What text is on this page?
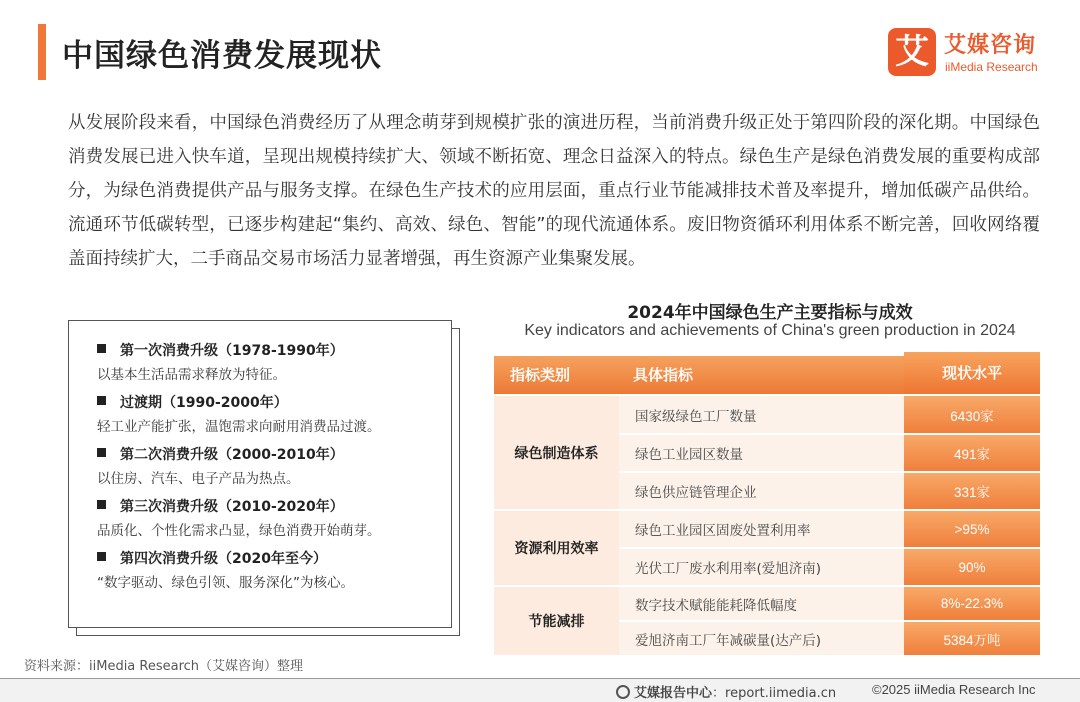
中国绿色消费发展现状	艾 艾媒咨询
iiMedia Research

从发展阶段来看，中国绿色消费经历了从理念萌芽到规模扩张的演进历程，当前消费升级正处于第四阶段的深化期。中国绿色消费发展已进入快车道，呈现出规模持续扩大、领域不断拓宽、理念日益深入的特点。绿色生产是绿色消费发展的重要构成部分，为绿色消费提供产品与服务支撑。在绿色生产技术的应用层面，重点行业节能减排技术普及率提升，增加低碳产品供给。流通环节低碳转型，已逐步构建起“集约、高效、绿色、智能”的现代流通体系。废旧物资循环利用体系不断完善，回收网络覆盖面持续扩大，二手商品交易市场活力显著增强，再生资源产业集聚发展。

第一次消费升级（1978-1990年）
以基本生活品需求释放为特征。
过渡期（1990-2000年）
轻工业产能扩张，温饱需求向耐用消费品过渡。
第二次消费升级（2000-2010年）
以住房、汽车、电子产品为热点。
第三次消费升级（2010-2020年）
品质化、个性化需求凸显，绿色消费开始萌芽。
第四次消费升级（2020年至今）
“数字驱动、绿色引领、服务深化”为核心。
资料来源：iiMedia Research（艾媒咨询）整理
2024年中国绿色生产主要指标与成效
Key indicators and achievements of China's green production in 2024
指标类别	具体指标	现状水平
绿色制造体系
国家级绿色工厂数量	6430家
绿色工业园区数量	491家
绿色供应链管理企业	331家
资源利用效率
绿色工业园区固废处置利用率	>95%
光伏工厂废水利用率(爱旭济南)	90%
节能减排
数字技术赋能能耗降低幅度	8%-22.3%
爱旭济南工厂年减碳量(达产后)	5384万吨
艾媒报告中心：report.iimedia.cn	©2025 iiMedia Research Inc
